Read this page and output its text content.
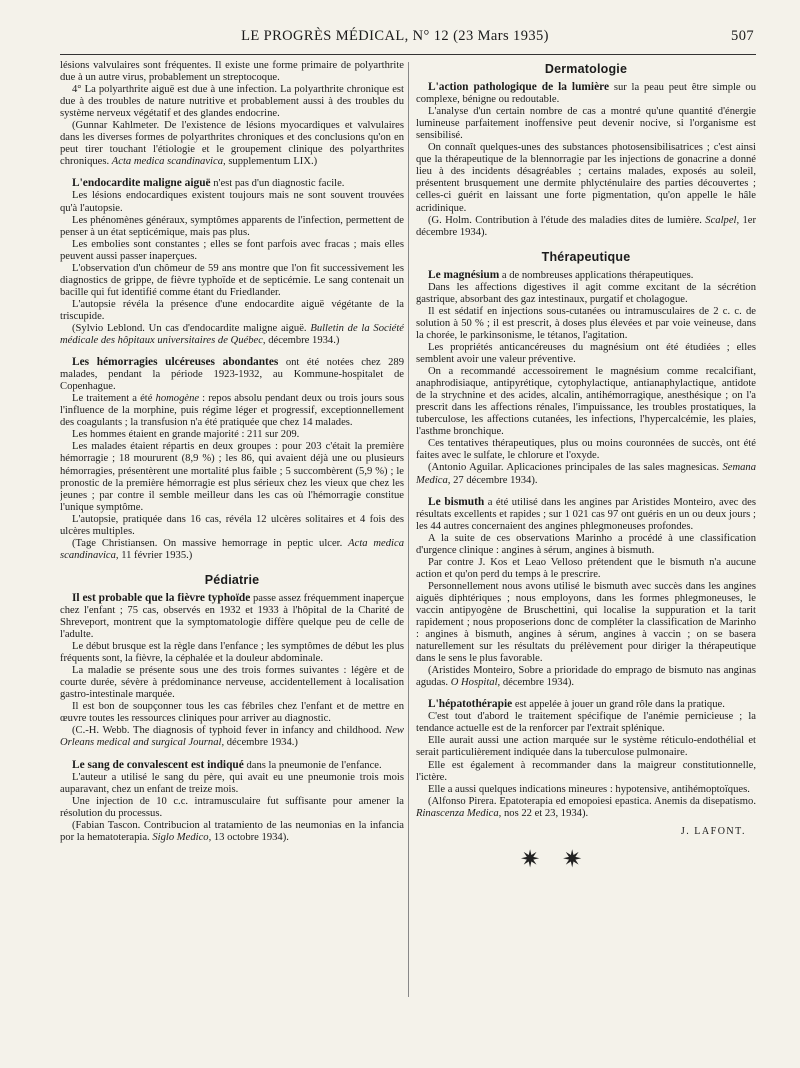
LE PROGRÈS MÉDICAL, N° 12 (23 Mars 1935)	507

lésions valvulaires sont fréquentes. Il existe une forme primaire de polyarthrite due à un autre virus, probablement un streptocoque.

4° La polyarthrite aiguë est due à une infection. La polyarthrite chronique est due à des troubles de nature nutritive et probablement aussi à des troubles du système nerveux végétatif et des glandes endocrine.

(Gunnar Kahlmeter. De l'existence de lésions myocardiques et valvulaires dans les diverses formes de polyarthrites chroniques et des conclusions qu'on en peut tirer touchant l'étiologie et le groupement clinique des polyarthrites chroniques. Acta medica scandinavica, supplementum LIX.)

L'endocardite maligne aiguë n'est pas d'un diagnostic facile.

Les lésions endocardiques existent toujours mais ne sont souvent trouvées qu'à l'autopsie.

Les phénomènes généraux, symptômes apparents de l'infection, permettent de penser à un état septicémique, mais pas plus.

Les embolies sont constantes ; elles se font parfois avec fracas ; mais elles peuvent aussi passer inaperçues.

L'observation d'un chômeur de 59 ans montre que l'on fit successivement les diagnostics de grippe, de fièvre typhoïde et de septicémie. Le sang contenait un bacille qui fut identifié comme étant du Friedlander.

L'autopsie révéla la présence d'une endocardite aiguë végétante de la triscupide.

(Sylvio Leblond. Un cas d'endocardite maligne aiguë. Bulletin de la Société médicale des hôpitaux universitaires de Québec, décembre 1934.)

Les hémorragies ulcéreuses abondantes ont été notées chez 289 malades, pendant la période 1923-1932, au Kommune-hospitalet de Copenhague.

Le traitement a été homogène : repos absolu pendant deux ou trois jours sous l'influence de la morphine, puis régime léger et progressif, exceptionnellement des coagulants ; la transfusion n'a été pratiquée que chez 14 malades.

Les hommes étaient en grande majorité : 211 sur 209.

Les malades étaient répartis en deux groupes : pour 203 c'était la première hémorragie ; 18 moururent (8,9 %) ; les 86, qui avaient déjà une ou plusieurs hémorragies, présentèrent une mortalité plus faible ; 5 succombèrent (5,9 %) ; le pronostic de la première hémorragie est plus sérieux chez les vieux que chez les jeunes ; par contre il semble meilleur dans les cas où l'hémorragie constitue l'unique symptôme.

L'autopsie, pratiquée dans 16 cas, révéla 12 ulcères solitaires et 4 fois des ulcères multiples.

(Tage Christiansen. On massive hemorrage in peptic ulcer. Acta medica scandinavica, 11 février 1935.)

Pédiatrie

Il est probable que la fièvre typhoïde passe assez fréquemment inaperçue chez l'enfant ; 75 cas, observés en 1932 et 1933 à l'hôpital de la Charité de Shreveport, montrent que la symptomatologie diffère quelque peu de celle de l'adulte.

Le début brusque est la règle dans l'enfance ; les symptômes de début les plus fréquents sont, la fièvre, la céphalée et la douleur abdominale.

La maladie se présente sous une des trois formes suivantes : légère et de courte durée, sévère à prédominance nerveuse, accidentellement à localisation gastro-intestinale marquée.

Il est bon de soupçonner tous les cas fébriles chez l'enfant et de mettre en œuvre toutes les ressources cliniques pour arriver au diagnostic.

(C.-H. Webb. The diagnosis of typhoid fever in infancy and childhood. New Orleans medical and surgical Journal, décembre 1934.)

Le sang de convalescent est indiqué dans la pneumonie de l'enfance.

L'auteur a utilisé le sang du père, qui avait eu une pneumonie trois mois auparavant, chez un enfant de treize mois.

Une injection de 10 c.c. intramusculaire fut suffisante pour amener la résolution du processus.

(Fabian Tascon. Contribucion al tratamiento de las neumonias en la infancia por la hematoterapia. Siglo Medico, 13 octobre 1934).

Dermatologie

L'action pathologique de la lumière sur la peau peut être simple ou complexe, bénigne ou redoutable.

L'analyse d'un certain nombre de cas a montré qu'une quantité d'énergie lumineuse parfaitement inoffensive peut devenir nocive, si l'organisme est sensibilisé.

On connaît quelques-unes des substances photosensibilisatrices ; c'est ainsi que la thérapeutique de la blennorragie par les injections de gonacrine a donné lieu à des incidents désagréables ; certains malades, exposés au soleil, présentent brusquement une dermite phlycténulaire des parties découvertes ; celles-ci guérit en laissant une forte pigmentation, qu'on appelle le hâle acridinique.

(G. Holm. Contribution à l'étude des maladies dites de lumière. Scalpel, 1er décembre 1934).

Thérapeutique

Le magnésium a de nombreuses applications thérapeutiques.

Dans les affections digestives il agit comme excitant de la sécrétion gastrique, absorbant des gaz intestinaux, purgatif et cholagogue.

Il est sédatif en injections sous-cutanées ou intramusculaires de 2 c. c. de solution à 50 % ; il est prescrit, à doses plus élevées et par voie veineuse, dans la chorée, le parkinsonisme, le tétanos, l'agitation.

Les propriétés anticancéreuses du magnésium ont été étudiées ; elles semblent avoir une valeur préventive.

On a recommandé accessoirement le magnésium comme recalcifiant, anaphrodisiaque, antipyrétique, cytophylactique, antianaphylactique, antidote de la strychnine et des acides, alcalin, antihémorragique, anesthésique ; on l'a prescrit dans les affections rénales, l'impuissance, les troubles prostatiques, la tuberculose, les affections cutanées, les infections, l'hypercalcémie, les plaies, l'asthme bronchique.

Ces tentatives thérapeutiques, plus ou moins couronnées de succès, ont été faites avec le sulfate, le chlorure et l'oxyde.

(Antonio Aguilar. Aplicaciones principales de las sales magnesicas. Semana Medica, 27 décembre 1934).

Le bismuth a été utilisé dans les angines par Aristides Monteiro, avec des résultats excellents et rapides ; sur 1 021 cas 97 ont guéris en un ou deux jours ; les 44 autres concernaient des angines phlegmoneuses profondes.

A la suite de ces observations Marinho a procédé à une classification d'urgence clinique : angines à sérum, angines à bismuth.

Par contre J. Kos et Leao Velloso prétendent que le bismuth n'a aucune action et qu'on perd du temps à le prescrire.

Personnellement nous avons utilisé le bismuth avec succès dans les angines aiguës diphtériques ; nous employons, dans les formes phlegmoneuses, le vaccin antipyogène de Bruschettini, qui localise la suppuration et la tarit rapidement ; nous proposerions donc de compléter la classification de Marinho : angines à bismuth, angines à sérum, angines à vaccin ; on se basera naturellement sur les résultats du prélèvement pour diriger la thérapeutique dans le sens le plus favorable.

(Aristides Monteiro, Sobre a prioridade do emprago de bismuto nas anginas agudas. O Hospital, décembre 1934).

L'hépatothérapie est appelée à jouer un grand rôle dans la pratique.

C'est tout d'abord le traitement spécifique de l'anémie pernicieuse ; la tendance actuelle est de la renforcer par l'extrait splénique.

Elle aurait aussi une action marquée sur le système réticulo-endothélial et serait particulièrement indiquée dans la tuberculose pulmonaire.

Elle est également à recommander dans la maigreur constitutionnelle, l'ictère.

Elle a aussi quelques indications mineures : hypotensive, antihémoptoïques.

(Alfonso Pirera. Epatoterapia ed emopoiesi epastica. Anemis da disepatismo. Rinascenza Medica, nos 22 et 23, 1934).

J. LAFONT.
✷ ✷
